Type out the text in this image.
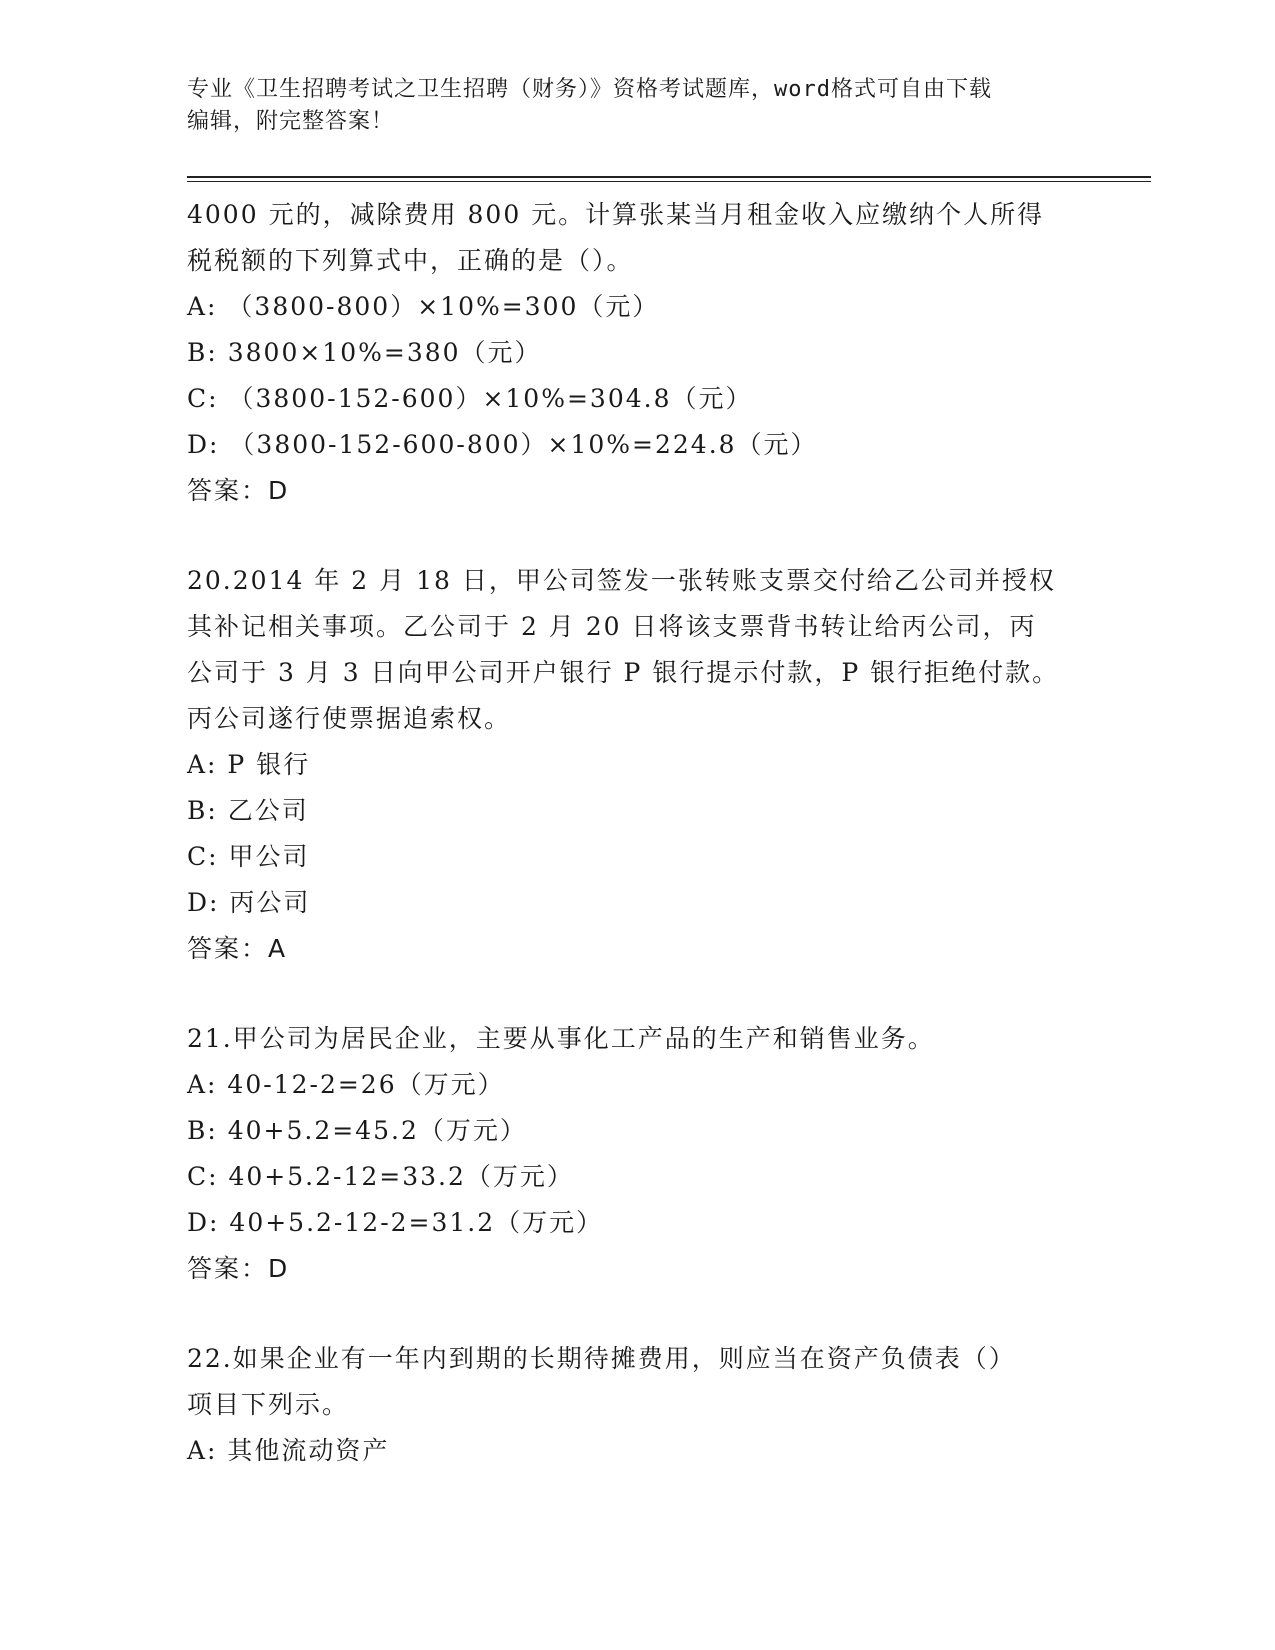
专业《卫生招聘考试之卫生招聘（财务）》资格考试题库，word格式可自由下载
编辑，附完整答案！
4000 元的，减除费用 800 元。计算张某当月租金收入应缴纳个人所得
税税额的下列算式中，正确的是（）。
A: （3800-800）×10%=300（元）
B: 3800×10%=380（元）
C: （3800-152-600）×10%=304.8（元）
D: （3800-152-600-800）×10%=224.8（元）
答案：D
20.2014 年 2 月 18 日，甲公司签发一张转账支票交付给乙公司并授权
其补记相关事项。乙公司于 2 月 20 日将该支票背书转让给丙公司，丙
公司于 3 月 3 日向甲公司开户银行 P 银行提示付款，P 银行拒绝付款。
丙公司遂行使票据追索权。
A: P 银行
B: 乙公司
C: 甲公司
D: 丙公司
答案：A
21.甲公司为居民企业，主要从事化工产品的生产和销售业务。
A: 40-12-2=26（万元）
B: 40+5.2=45.2（万元）
C: 40+5.2-12=33.2（万元）
D: 40+5.2-12-2=31.2（万元）
答案：D
22.如果企业有一年内到期的长期待摊费用，则应当在资产负债表（）
项目下列示。
A: 其他流动资产
